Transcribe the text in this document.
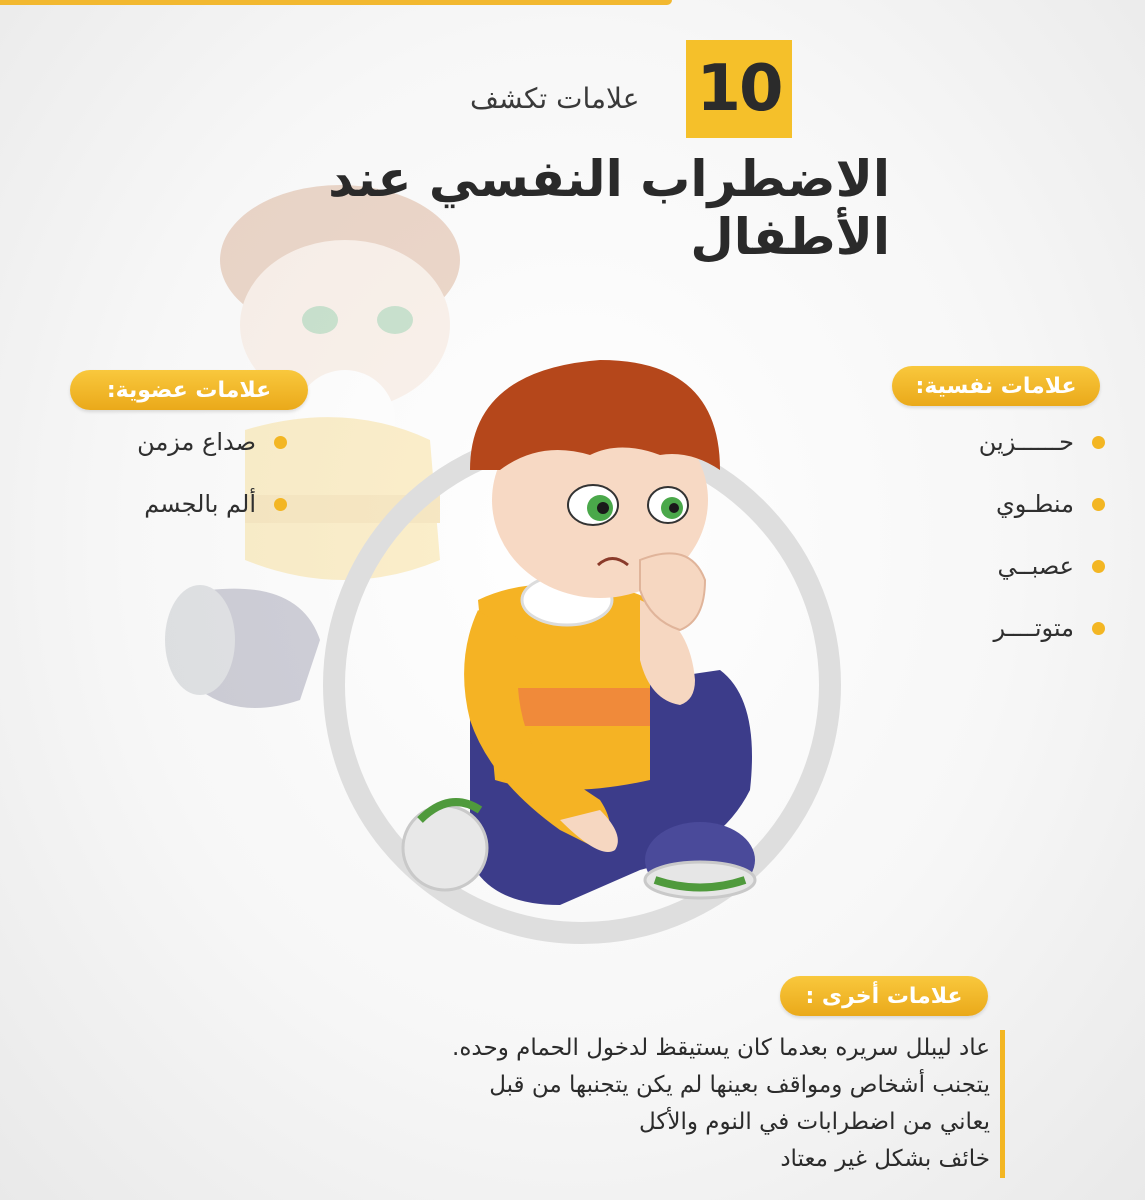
10
علامات تكشف
الاضطراب النفسي عند الأطفال
علامات نفسية:
حــــــزين
منطـوي
عصبــي
متوتــــر
علامات عضوية:
صداع مزمن
ألم بالجسم
علامات أخرى :
عاد ليبلل سريره بعدما كان يستيقظ لدخول الحمام وحده.
يتجنب أشخاص ومواقف بعينها لم يكن يتجنبها من قبل
يعاني من اضطرابات في النوم والأكل
خائف بشكل غير معتاد
